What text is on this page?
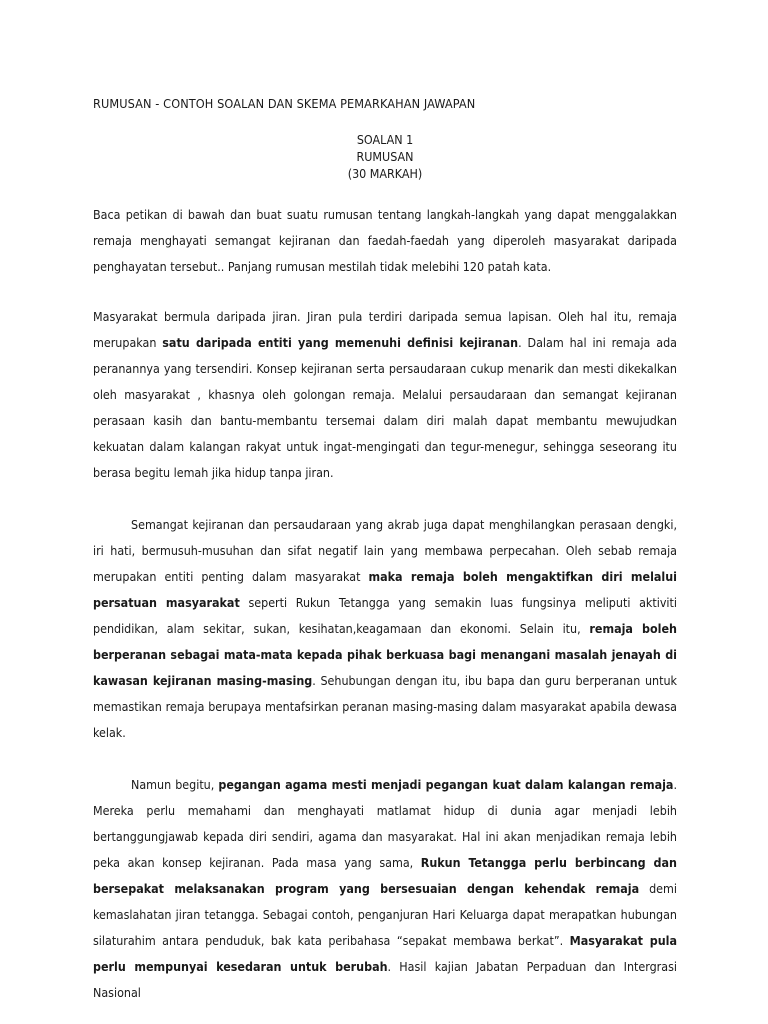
RUMUSAN - CONTOH SOALAN DAN SKEMA PEMARKAHAN JAWAPAN
SOALAN 1
RUMUSAN
(30 MARKAH)

Baca petikan di bawah dan buat suatu rumusan tentang langkah-langkah yang dapat menggalakkan remaja menghayati semangat kejiranan dan faedah-faedah yang diperoleh masyarakat daripada penghayatan tersebut.. Panjang rumusan mestilah tidak melebihi 120 patah kata.

Masyarakat bermula daripada jiran. Jiran pula terdiri daripada semua lapisan. Oleh hal itu, remaja merupakan satu daripada entiti yang memenuhi definisi kejiranan. Dalam hal ini remaja ada peranannya yang tersendiri. Konsep kejiranan serta persaudaraan cukup menarik dan mesti dikekalkan oleh masyarakat , khasnya oleh golongan remaja. Melalui persaudaraan dan semangat kejiranan perasaan kasih dan bantu-membantu tersemai dalam diri malah dapat membantu mewujudkan kekuatan dalam kalangan rakyat untuk ingat-mengingati dan tegur-menegur, sehingga seseorang itu berasa begitu lemah jika hidup tanpa jiran.

Semangat kejiranan dan persaudaraan yang akrab juga dapat menghilangkan perasaan dengki, iri hati, bermusuh-musuhan dan sifat negatif lain yang membawa perpecahan. Oleh sebab remaja merupakan entiti penting dalam masyarakat maka remaja boleh mengaktifkan diri melalui persatuan masyarakat seperti Rukun Tetangga yang semakin luas fungsinya meliputi aktiviti pendidikan, alam sekitar, sukan, kesihatan,keagamaan dan ekonomi. Selain itu, remaja boleh berperanan sebagai mata-mata kepada pihak berkuasa bagi menangani masalah jenayah di kawasan kejiranan masing-masing. Sehubungan dengan itu, ibu bapa dan guru berperanan untuk memastikan remaja berupaya mentafsirkan peranan masing-masing dalam masyarakat apabila dewasa kelak.

Namun begitu, pegangan agama mesti menjadi pegangan kuat dalam kalangan remaja. Mereka perlu memahami dan menghayati matlamat hidup di dunia agar menjadi lebih bertanggungjawab kepada diri sendiri, agama dan masyarakat. Hal ini akan menjadikan remaja lebih peka akan konsep kejiranan. Pada masa yang sama, Rukun Tetangga perlu berbincang dan bersepakat melaksanakan program yang bersesuaian dengan kehendak remaja demi kemaslahatan jiran tetangga. Sebagai contoh, penganjuran Hari Keluarga dapat merapatkan hubungan silaturahim antara penduduk, bak kata peribahasa “sepakat membawa berkat”. Masyarakat pula perlu mempunyai kesedaran untuk berubah. Hasil kajian Jabatan Perpaduan dan Intergrasi Nasional
